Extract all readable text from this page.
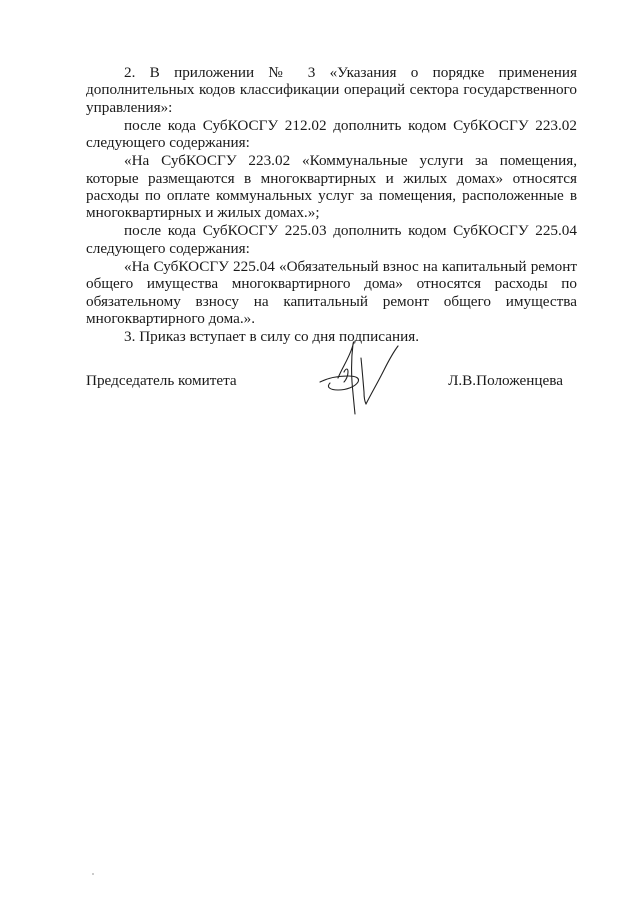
2. В приложении № 3 «Указания о порядке применения дополнительных кодов классификации операций сектора государственного управления»:

после кода СубКОСГУ 212.02 дополнить кодом СубКОСГУ 223.02 следующего содержания:

«На СубКОСГУ 223.02 «Коммунальные услуги за помещения, которые размещаются в многоквартирных и жилых домах» относятся расходы по оплате коммунальных услуг за помещения, расположенные в многоквартирных и жилых домах.»;

после кода СубКОСГУ 225.03 дополнить кодом СубКОСГУ 225.04 следующего содержания:

«На СубКОСГУ 225.04 «Обязательный взнос на капитальный ремонт общего имущества многоквартирного дома» относятся расходы по обязательному взносу на капитальный ремонт общего имущества многоквартирного дома.».

3. Приказ вступает в силу со дня подписания.

Председатель комитета	Л.В.Положенцева
